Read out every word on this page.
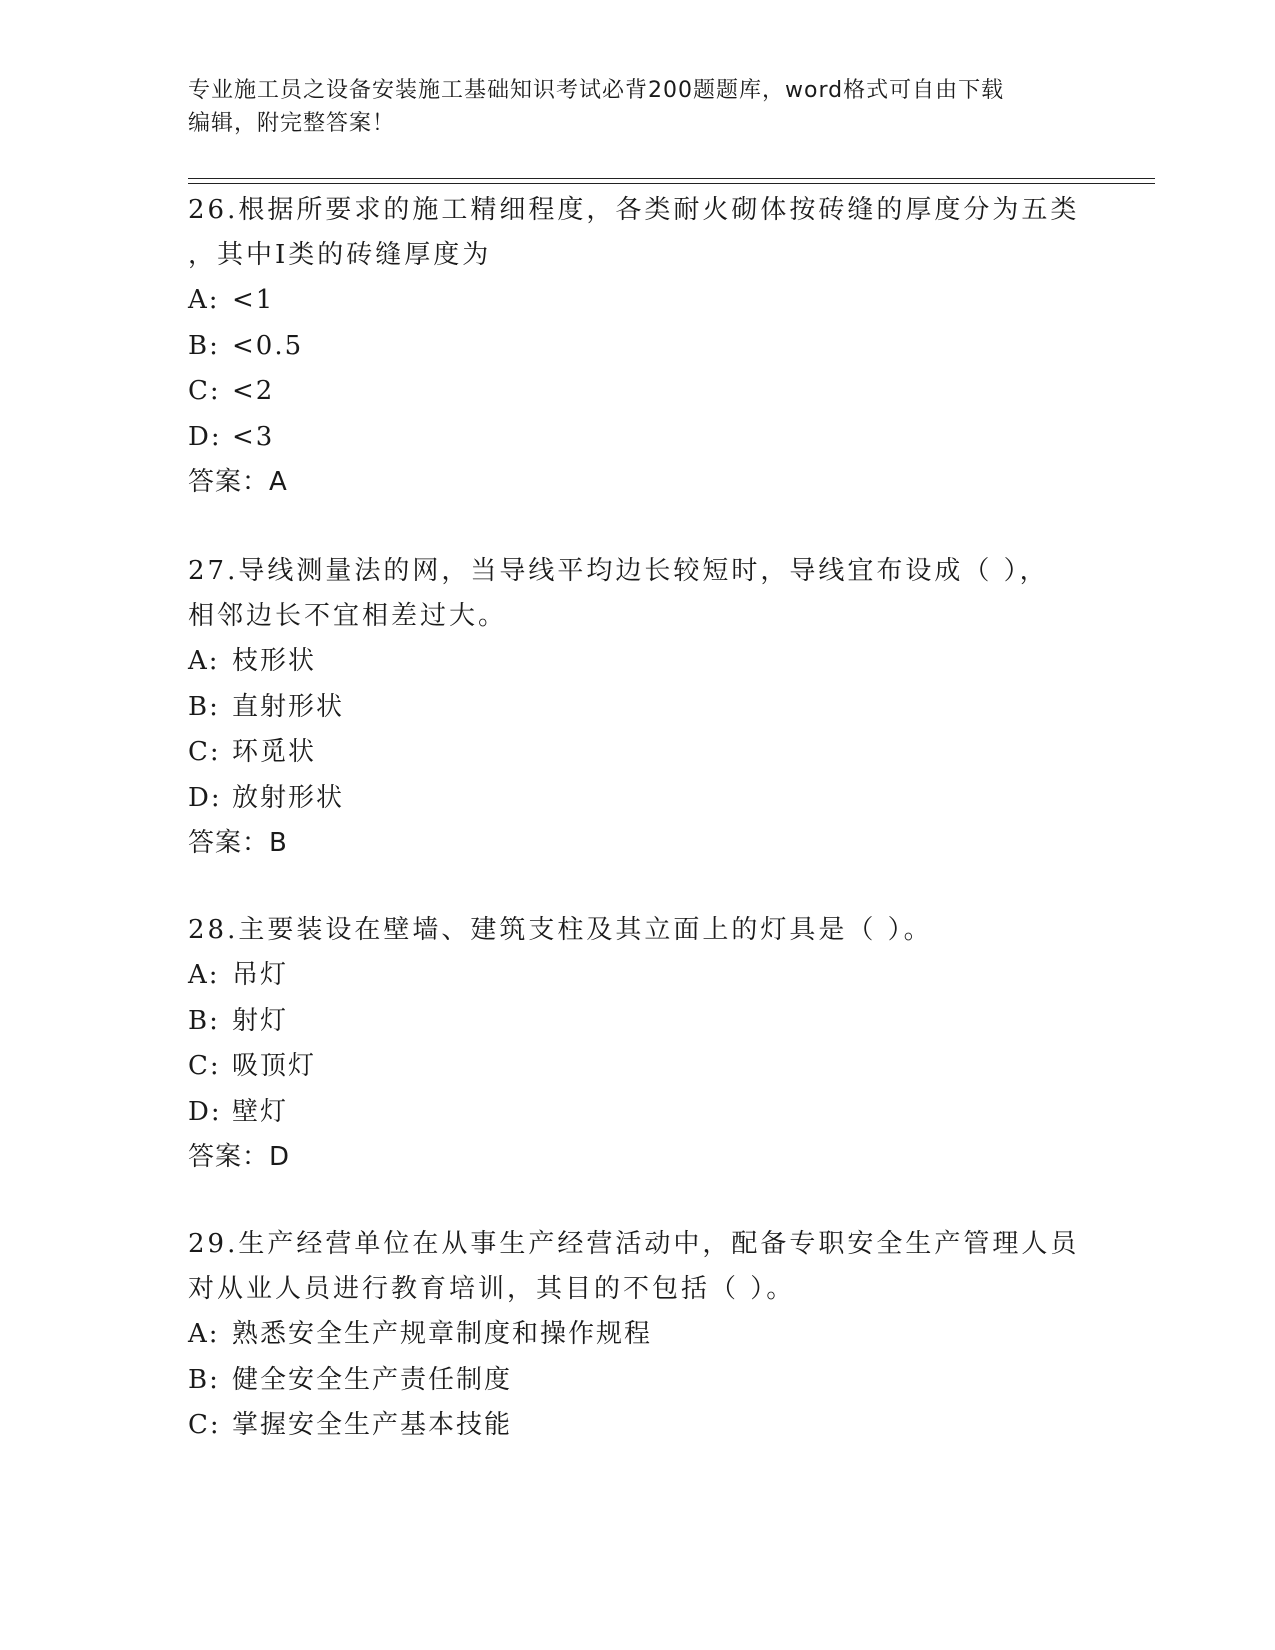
专业施工员之设备安装施工基础知识考试必背200题题库，word格式可自由下载
编辑，附完整答案！
26.根据所要求的施工精细程度，各类耐火砌体按砖缝的厚度分为五类
，其中Ⅰ类的砖缝厚度为
A: <1
B: <0.5
C: <2
D: <3
答案：A
27.导线测量法的网，当导线平均边长较短时，导线宜布设成（ ），
相邻边长不宜相差过大。
A: 枝形状
B: 直射形状
C: 环觅状
D: 放射形状
答案：B
28.主要装设在壁墙、建筑支柱及其立面上的灯具是（ ）。
A: 吊灯
B: 射灯
C: 吸顶灯
D: 壁灯
答案：D
29.生产经营单位在从事生产经营活动中，配备专职安全生产管理人员
对从业人员进行教育培训，其目的不包括（ ）。
A: 熟悉安全生产规章制度和操作规程
B: 健全安全生产责任制度
C: 掌握安全生产基本技能
